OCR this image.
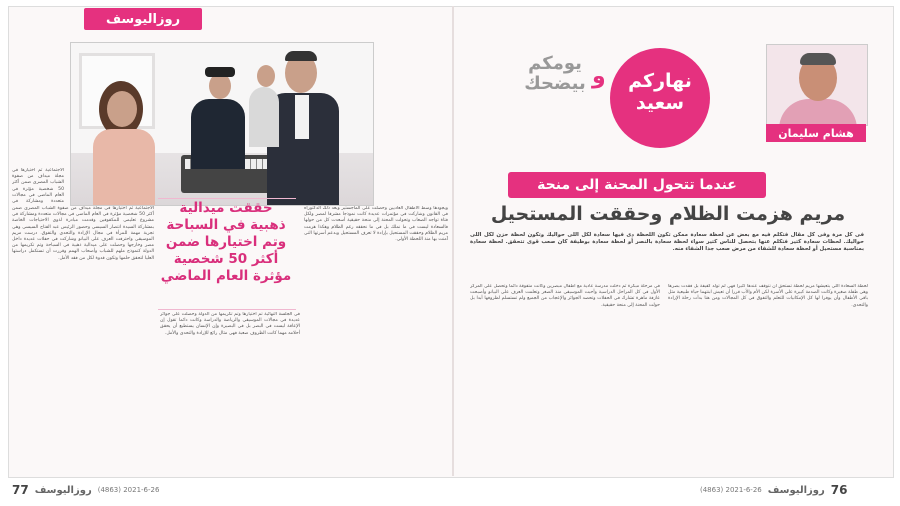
روزاليوسف
الاجتماعية ثم اختيارها فى مجلة ميداف من صفوة الشباب المصرى ضمن أكثر 50 شخصية مؤثرة فى العام الماضى فى مجالات متعددة ومشاركة فى
الاجتماعية ثم اختيارها فى مجلة ميداف من صفوة الشباب المصرى ضمن أكثر 50 شخصية مؤثرة فى العام الماضى فى مجالات متعددة ومشاركة فى مشروع تعليمى للمكفوفين وقدمت مبادرة لذوى الاحتياجات الخاصة بمشاركة السيدة انتصار السيسى وحضور الرئيس عبد الفتاح السيسى وهى تجربة مهمة للمرأة فى مجال الإرادة والتحدى والتفوق. درست مريم الموسيقى واحترفت العزف على البيانو وشاركت فى حفلات عديدة داخل مصر وخارجها وحصلت على ميدالية ذهبية فى السباحة وتم تكريمها من الدولة كنموذج ملهم للشباب وأصحاب الهمم وقررت أن تستكمل دراستها العليا لتحقق حلمها وتكون قدوة لكل من فقد الأمل.
فى الجلسة النهائية تم اختيارها وتم تكريمها من الدولة وحصلت على جوائز عديدة فى مجالات الموسيقى والرياضة والدراسة وكانت دائما تقول إن الإعاقة ليست فى البصر بل فى البصيرة وإن الإنسان يستطيع أن يحقق أحلامه مهما كانت الظروف صعبة فهى مثال رائع للإرادة والتحدى والأمل.
ويجودها وسط الأطفال العاديين وحصلت على الماجستير وبعد ذلك الدكتوراه فى القانون وشاركت فى مؤتمرات عديدة كانت نموذجا مشرفا لمصر ولكل فتاة تواجه الصعاب وتحولت المحنة إلى منحة حقيقية أسعدت كل من حولها فالسعادة ليست فى ما نملك بل فى ما نحققه رغم الظلام وهكذا هزمت مريم الظلام وحققت المستحيل بإرادة لا تعرف المستحيل وبدعم أسرتها التى آمنت بها منذ اللحظة الأولى.
حققت ميدالية ذهبية في السباحة وتم اختيارها ضمن أكثر 50 شخصية مؤثرة العام الماضي
77 روزاليوسف (4863) 2021-6-26
هشام سليمان
نهاركم سعيد
و
يومكم بيضحك
عندما تتحول المحنة إلى منحة
مريم هزمت الظلام وحققت المستحيل
فى كل مرة وفى كل مقال فتكلم فيه مع بعض عن لحظة سعادة ممكن تكون اللحظة دى فيها سعادة لكل اللى حواليك وتكون لحظة حزن لكل اللى حواليك. لحظات سعادة كتير فتكلم عنها بتحصل للناس كتير سواء لحظة سعادة بالنصر أو لحظة سعادة بوظيفة كان صعب قوى تتحقق. لحظة سعادة بمناسبة مستحيل أو لحظة سعادة للشفاء من مرض صعب جدا الشفاء منه.
فى مرحلة مبكرة ثم دخلت مدرسة عادية مع أطفال مبصرين وكانت متفوقة دائما وتحصل على المركز الأول فى كل المراحل الدراسية وأحبت الموسيقى منذ الصغر وتعلمت العزف على البيانو وأصبحت عازفة ماهرة تشارك فى الحفلات وتحصد الجوائز والإعجاب من الجميع ولم تستسلم لظروفها أبدا بل حولت المحنة إلى منحة حقيقية.
لحظة السعادة اللى بتعيشها مريم لحظة تستحق أن نتوقف عندها كثيرا فهى لم تولد كفيفة بل فقدت بصرها وهى طفلة صغيرة وكانت الصدمة كبيرة على الأسرة لكن الأم والأب قررا أن تعيش ابنتهما حياة طبيعية مثل باقى الأطفال وأن يوفرا لها كل الإمكانيات للتعلم والتفوق فى كل المجالات ومن هنا بدأت رحلة الإرادة والتحدى.
(4863) 2021-6-26 روزاليوسف 76
